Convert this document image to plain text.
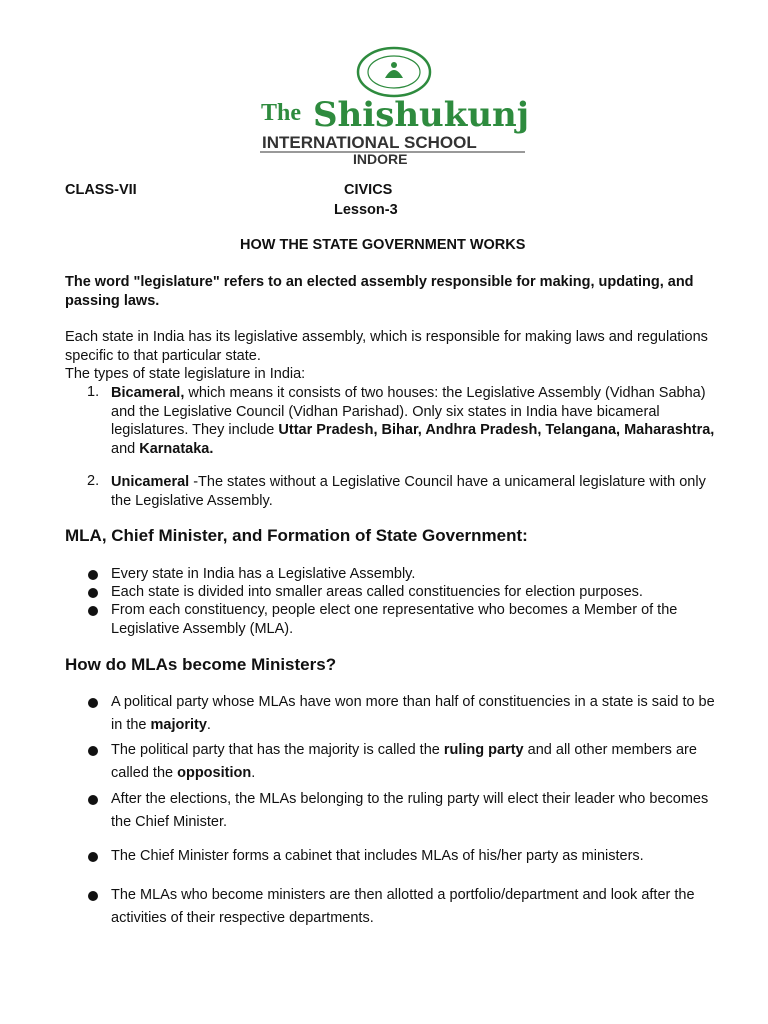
The Shishukunj
INTERNATIONAL SCHOOL
INDORE
CLASS-VII	CIVICS
Lesson-3
HOW THE STATE GOVERNMENT WORKS
The word "legislature" refers to an elected assembly responsible for making, updating, and passing laws.
Each state in India has its legislative assembly, which is responsible for making laws and regulations specific to that particular state.
The types of state legislature in India:
1. Bicameral, which means it consists of two houses: the Legislative Assembly (Vidhan Sabha) and the Legislative Council (Vidhan Parishad). Only six states in India have bicameral legislatures. They include Uttar Pradesh, Bihar, Andhra Pradesh, Telangana, Maharashtra, and Karnataka.
2. Unicameral -The states without a Legislative Council have a unicameral legislature with only the Legislative Assembly.
MLA, Chief Minister, and Formation of State Government:
Every state in India has a Legislative Assembly.
Each state is divided into smaller areas called constituencies for election purposes.
From each constituency, people elect one representative who becomes a Member of the Legislative Assembly (MLA).
How do MLAs become Ministers?
A political party whose MLAs have won more than half of constituencies in a state is said to be in the majority.
The political party that has the majority is called the ruling party and all other members are called the opposition.
After the elections, the MLAs belonging to the ruling party will elect their leader who becomes the Chief Minister.
The Chief Minister forms a cabinet that includes MLAs of his/her party as ministers.
The MLAs who become ministers are then allotted a portfolio/department and look after the activities of their respective departments.
